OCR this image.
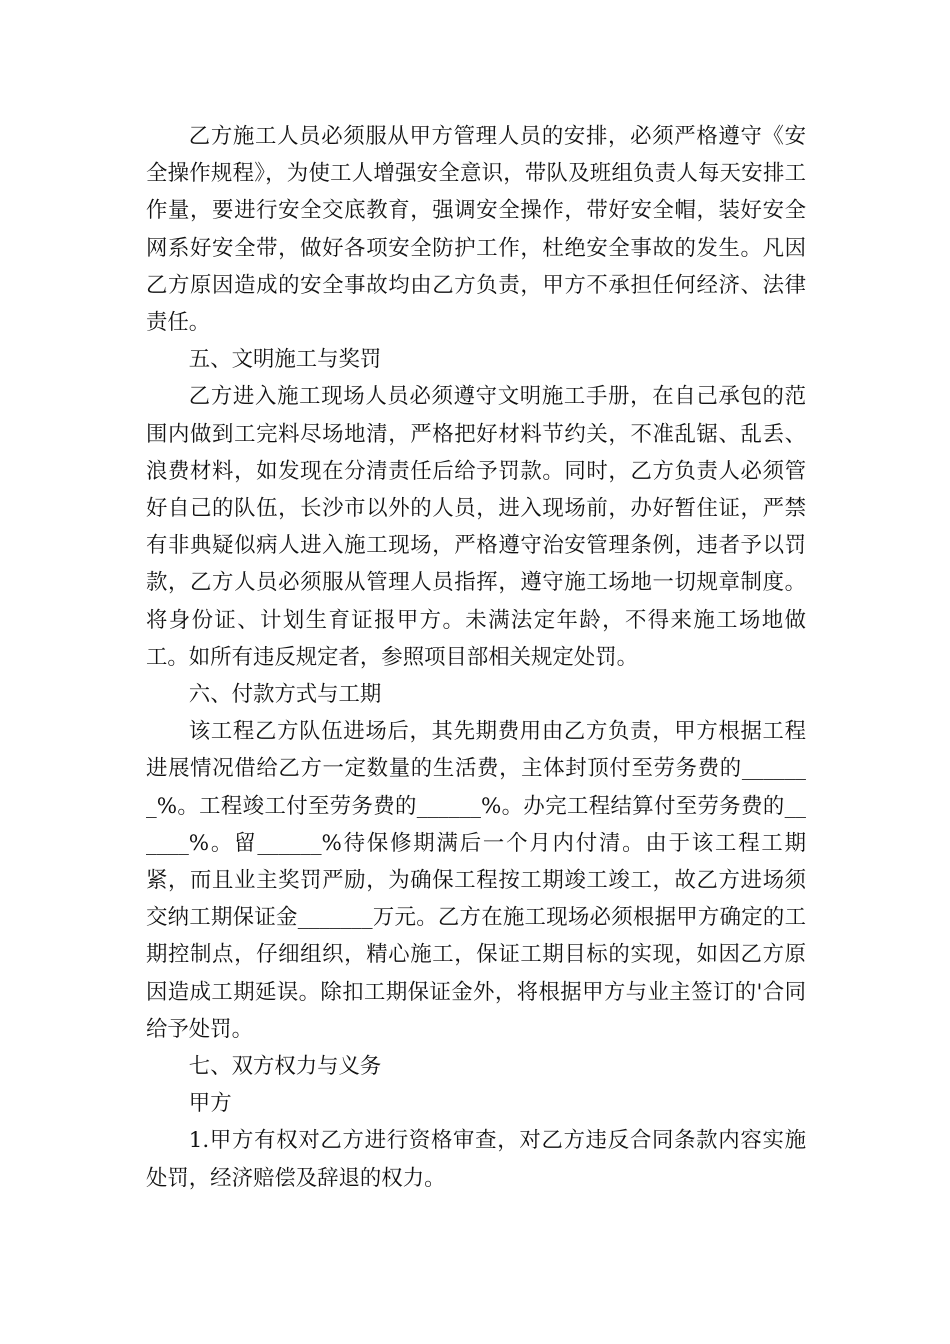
乙方施工人员必须服从甲方管理人员的安排，必须严格遵守《安全操作规程》，为使工人增强安全意识，带队及班组负责人每天安排工作量，要进行安全交底教育，强调安全操作，带好安全帽，装好安全网系好安全带，做好各项安全防护工作，杜绝安全事故的发生。凡因乙方原因造成的安全事故均由乙方负责，甲方不承担任何经济、法律责任。

五、文明施工与奖罚

乙方进入施工现场人员必须遵守文明施工手册，在自己承包的范围内做到工完料尽场地清，严格把好材料节约关，不准乱锯、乱丢、浪费材料，如发现在分清责任后给予罚款。同时，乙方负责人必须管好自己的队伍，长沙市以外的人员，进入现场前，办好暂住证，严禁有非典疑似病人进入施工现场，严格遵守治安管理条例，违者予以罚款，乙方人员必须服从管理人员指挥，遵守施工场地一切规章制度。将身份证、计划生育证报甲方。未满法定年龄，不得来施工场地做工。如所有违反规定者，参照项目部相关规定处罚。

六、付款方式与工期

该工程乙方队伍进场后，其先期费用由乙方负责，甲方根据工程进展情况借给乙方一定数量的生活费，主体封顶付至劳务费的_______%。工程竣工付至劳务费的______%。办完工程结算付至劳务费的______%。留______%待保修期满后一个月内付清。由于该工程工期紧，而且业主奖罚严励，为确保工程按工期竣工竣工，故乙方进场须交纳工期保证金_______万元。乙方在施工现场必须根据甲方确定的工期控制点，仔细组织，精心施工，保证工期目标的实现，如因乙方原因造成工期延误。除扣工期保证金外，将根据甲方与业主签订的'合同给予处罚。

七、双方权力与义务

甲方

1.甲方有权对乙方进行资格审查，对乙方违反合同条款内容实施处罚，经济赔偿及辞退的权力。
